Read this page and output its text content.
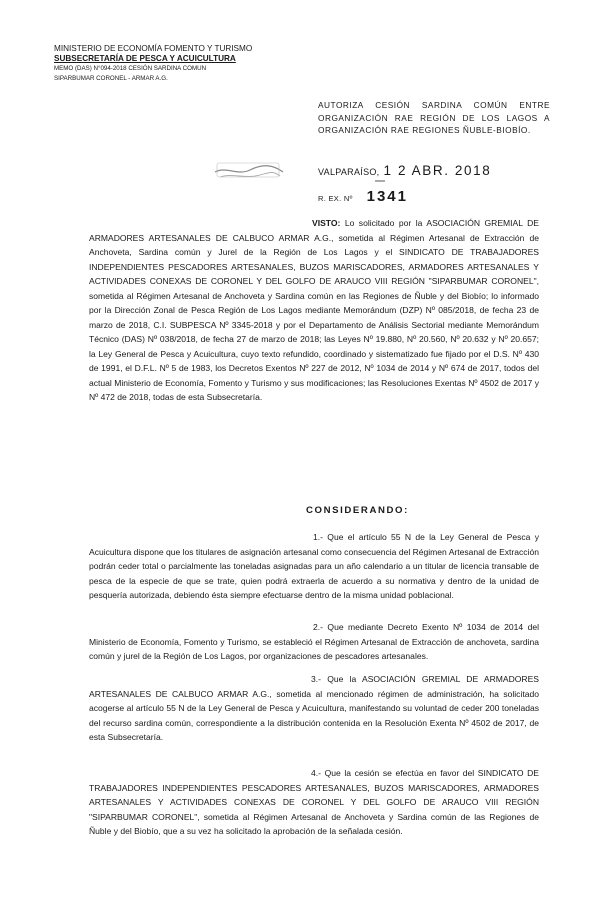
MINISTERIO DE ECONOMÍA FOMENTO Y TURISMO
SUBSECRETARÍA DE PESCA Y ACUICULTURA
MEMO (DAS) N°094-2018 CESIÓN SARDINA COMUN
SIPARBUMAR CORONEL - ARMAR A.G.
AUTORIZA CESIÓN SARDINA COMÚN ENTRE ORGANIZACIÓN RAE REGIÓN DE LOS LAGOS A ORGANIZACIÓN RAE REGIONES ÑUBLE-BIOBÍO.
VALPARAÍSO, 1 2 ABR. 2018
R. EX. Nº 1341

VISTO: Lo solicitado por la ASOCIACIÓN GREMIAL DE ARMADORES ARTESANALES DE CALBUCO ARMAR A.G., sometida al Régimen Artesanal de Extracción de Anchoveta, Sardina común y Jurel de la Región de Los Lagos y el SINDICATO DE TRABAJADORES INDEPENDIENTES PESCADORES ARTESANALES, BUZOS MARISCADORES, ARMADORES ARTESANALES Y ACTIVIDADES CONEXAS DE CORONEL Y DEL GOLFO DE ARAUCO VIII REGIÓN "SIPARBUMAR CORONEL", sometida al Régimen Artesanal de Anchoveta y Sardina común en las Regiones de Ñuble y del Biobío; lo informado por la Dirección Zonal de Pesca Región de Los Lagos mediante Memorándum (DZP) Nº 085/2018, de fecha 23 de marzo de 2018, C.I. SUBPESCA Nº 3345-2018 y por el Departamento de Análisis Sectorial mediante Memorándum Técnico (DAS) Nº 038/2018, de fecha 27 de marzo de 2018; las Leyes Nº 19.880, Nº 20.560, Nº 20.632 y Nº 20.657; la Ley General de Pesca y Acuicultura, cuyo texto refundido, coordinado y sistematizado fue fijado por el D.S. Nº 430 de 1991, el D.F.L. Nº 5 de 1983, los Decretos Exentos Nº 227 de 2012, Nº 1034 de 2014 y Nº 674 de 2017, todos del actual Ministerio de Economía, Fomento y Turismo y sus modificaciones; las Resoluciones Exentas Nº 4502 de 2017 y Nº 472 de 2018, todas de esta Subsecretaría.

CONSIDERANDO:

1.- Que el artículo 55 N de la Ley General de Pesca y Acuicultura dispone que los titulares de asignación artesanal como consecuencia del Régimen Artesanal de Extracción podrán ceder total o parcialmente las toneladas asignadas para un año calendario a un titular de licencia transable de pesca de la especie de que se trate, quien podrá extraerla de acuerdo a su normativa y dentro de la unidad de pesquería autorizada, debiendo ésta siempre efectuarse dentro de la misma unidad poblacional.

2.- Que mediante Decreto Exento Nº 1034 de 2014 del Ministerio de Economía, Fomento y Turismo, se estableció el Régimen Artesanal de Extracción de anchoveta, sardina común y jurel de la Región de Los Lagos, por organizaciones de pescadores artesanales.

3.- Que la ASOCIACIÓN GREMIAL DE ARMADORES ARTESANALES DE CALBUCO ARMAR A.G., sometida al mencionado régimen de administración, ha solicitado acogerse al artículo 55 N de la Ley General de Pesca y Acuicultura, manifestando su voluntad de ceder 200 toneladas del recurso sardina común, correspondiente a la distribución contenida en la Resolución Exenta Nº 4502 de 2017, de esta Subsecretaría.

4.- Que la cesión se efectúa en favor del SINDICATO DE TRABAJADORES INDEPENDIENTES PESCADORES ARTESANALES, BUZOS MARISCADORES, ARMADORES ARTESANALES Y ACTIVIDADES CONEXAS DE CORONEL Y DEL GOLFO DE ARAUCO VIII REGIÓN "SIPARBUMAR CORONEL", sometida al Régimen Artesanal de Anchoveta y Sardina común de las Regiones de Ñuble y del Biobío, que a su vez ha solicitado la aprobación de la señalada cesión.
